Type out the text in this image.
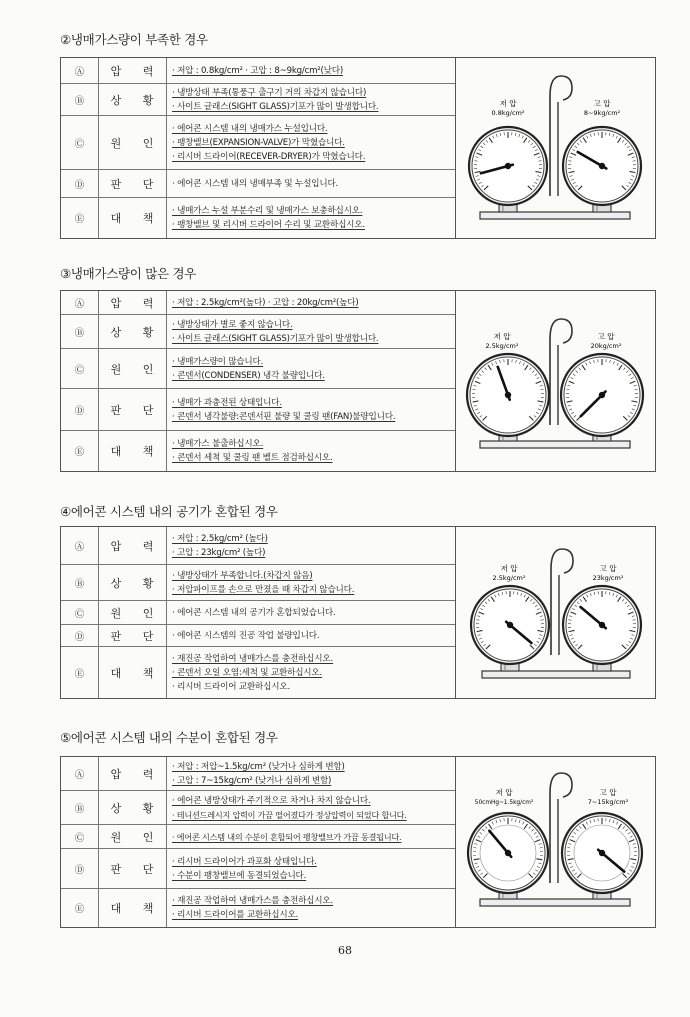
②냉매가스량이 부족한 경우
Ⓐ	압 력	· 저압 : 0.8kg/cm² · 고압 : 8~9kg/cm²(낮다)
Ⓑ	상 황
· 냉방상태 부족(통풍구 출구기 거의 차갑지 않습니다)
· 사이트 글래스(SIGHT GLASS)기포가 많이 발생합니다.
Ⓒ	원 인
· 에어콘 시스템 내의 냉매가스 누설입니다.
· 팽창밸브(EXPANSION-VALVE)가 막혔습니다.
· 리시버 드라이어(RECEVER-DRYER)가 막혔습니다.
Ⓓ	판 단	· 에어콘 시스템 내의 냉매부족 및 누설입니다.
Ⓔ	대 책
· 냉매가스 누설 부분수리 및 냉매가스 보충하십시오.
· 팽창밸브 및 리시버 드라이어 수리 및 교환하십시오.
저 압
0.8kg/cm²
고 압
8~9kg/cm²
③냉매가스량이 많은 경우
Ⓐ	압 력	· 저압 : 2.5kg/cm²(높다) · 고압 : 20kg/cm²(높다)
Ⓑ	상 황
· 냉방상태가 별로 좋지 않습니다.
· 사이트 글래스(SIGHT GLASS)기포가 많이 발생합니다.
Ⓒ	원 인
· 냉매가스량이 많습니다.
· 콘덴서(CONDENSER) 냉각 불량입니다.
Ⓓ	판 단
· 냉매가 과충전된 상태입니다.
· 콘덴서 냉각불량:콘덴서핀 불량 및 쿨링 팬(FAN)불량입니다.
Ⓔ	대 책
· 냉매가스 불출하십시오.
· 콘덴서 세척 및 쿨링 팬 벨트 점검하십시오.
저 압
2.5kg/cm²
고 압
20kg/cm²
④에어콘 시스템 내의 공기가 혼합된 경우
Ⓐ	압 력
· 저압 : 2.5kg/cm² (높다)
· 고압 : 23kg/cm² (높다)
Ⓑ	상 황
· 냉방상태가 부족합니다.(차갑지 않음)
· 저압파이프를 손으로 만졌을 때 차갑지 않습니다.
Ⓒ	원 인	· 에어콘 시스템 내의 공기가 혼합되었습니다.
Ⓓ	판 단	· 에어콘 시스템의 진공 작업 불량입니다.
Ⓔ	대 책
· 재진공 작업하여 냉매가스를 충전하십시오.
· 콘덴서 오일 오염:세척 및 교환하십시오.
· 리시버 드라이어 교환하십시오.
저 압
2.5kg/cm²
고 압
23kg/cm²
⑤에어콘 시스템 내의 수분이 혼합된 경우
Ⓐ	압 력
· 저압 : 저압~1.5kg/cm² (낮거나 심하게 변함)
· 고압 : 7~15kg/cm² (낮거나 심하게 변함)
Ⓑ	상 황
· 에어콘 냉방상태가 주기적으로 차거나 차지 않습니다.
· 테니션드레시지 압력이 가끔 떨어졌다가 정상압력이 되었다 합니다.
Ⓒ	원 인	· 에어콘 시스템 내의 수분이 혼합되어 팽창밸브가 가끔 동결됩니다.
Ⓓ	판 단
· 리시버 드라이어가 과포화 상태입니다.
· 수분이 팽창밸브에 동결되었습니다.
Ⓔ	대 책
· 재진공 작업하여 냉매가스를 충전하십시오.
· 리시버 드라이어를 교환하십시오.
저 압
50cmHg~1.5kg/cm²
고 압
7~15kg/cm²
68
